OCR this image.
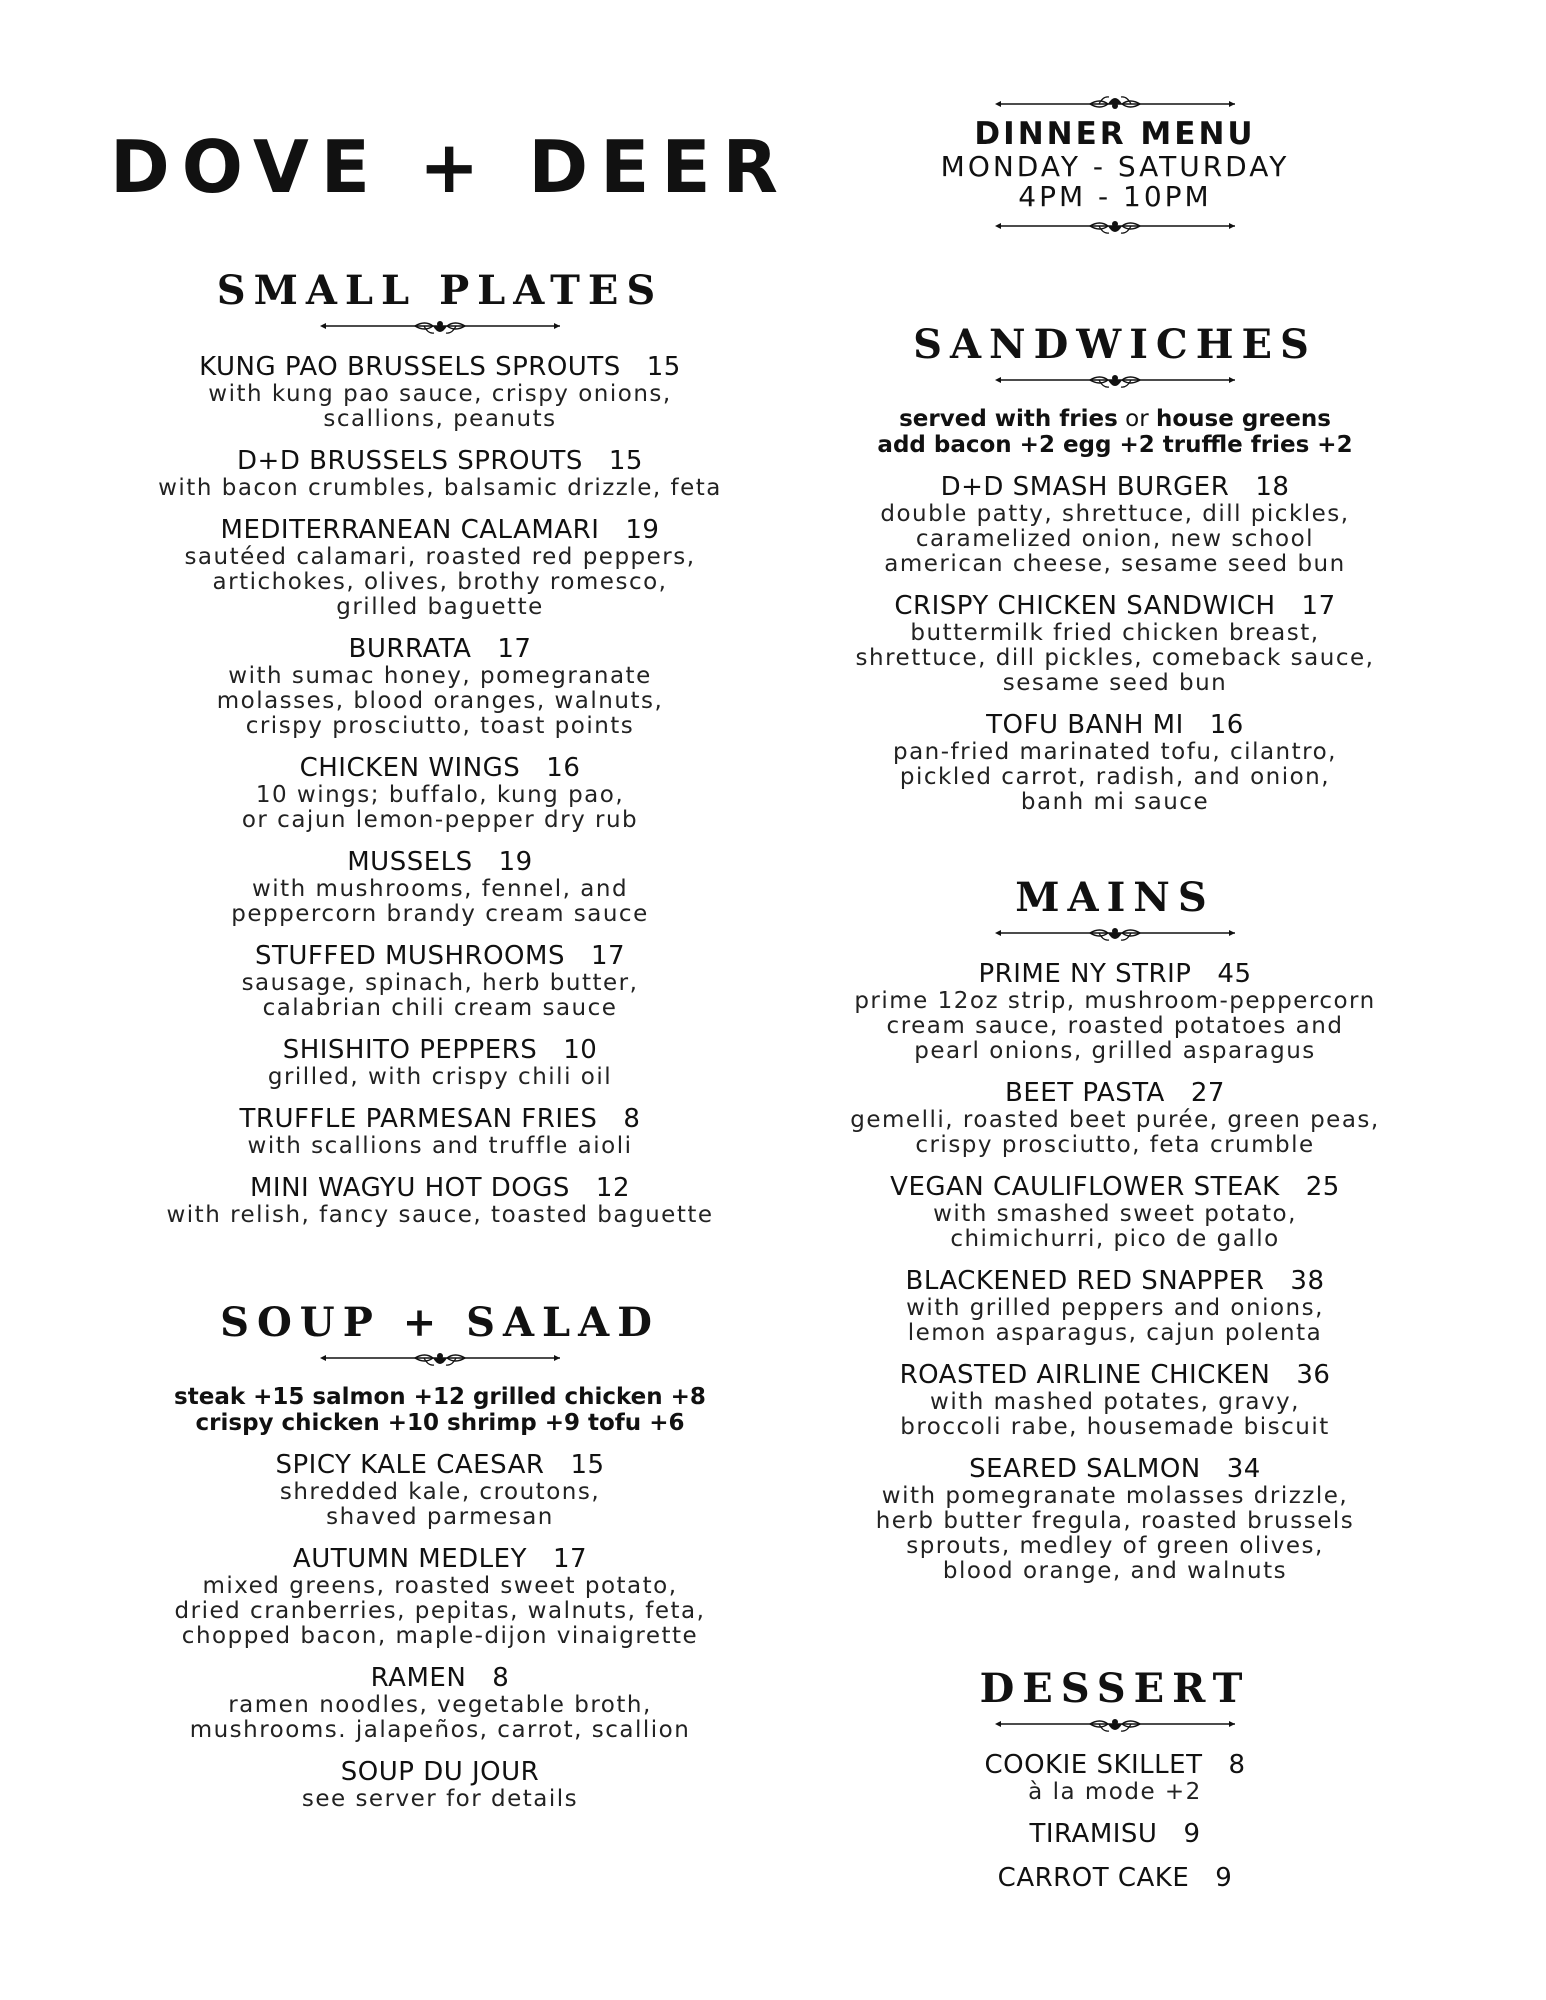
DOVE + DEER	DINNER MENU
MONDAY - SATURDAY
4PM - 10PM
SMALL PLATES
KUNG PAO BRUSSELS SPROUTS 15
with kung pao sauce, crispy onions,
scallions, peanuts
D+D BRUSSELS SPROUTS 15
with bacon crumbles, balsamic drizzle, feta
MEDITERRANEAN CALAMARI 19
sautéed calamari, roasted red peppers,
artichokes, olives, brothy romesco,
grilled baguette
BURRATA 17
with sumac honey, pomegranate
molasses, blood oranges, walnuts,
crispy prosciutto, toast points
CHICKEN WINGS 16
10 wings; buffalo, kung pao,
or cajun lemon-pepper dry rub
MUSSELS 19
with mushrooms, fennel, and
peppercorn brandy cream sauce
STUFFED MUSHROOMS 17
sausage, spinach, herb butter,
calabrian chili cream sauce
SHISHITO PEPPERS 10
grilled, with crispy chili oil
TRUFFLE PARMESAN FRIES 8
with scallions and truffle aioli
MINI WAGYU HOT DOGS 12
with relish, fancy sauce, toasted baguette
SOUP + SALAD
steak +15 salmon +12 grilled chicken +8
crispy chicken +10 shrimp +9 tofu +6
SPICY KALE CAESAR 15
shredded kale, croutons,
shaved parmesan
AUTUMN MEDLEY 17
mixed greens, roasted sweet potato,
dried cranberries, pepitas, walnuts, feta,
chopped bacon, maple-dijon vinaigrette
RAMEN 8
ramen noodles, vegetable broth,
mushrooms. jalapeños, carrot, scallion
SOUP DU JOUR
see server for details
SANDWICHES
served with fries or house greens
add bacon +2 egg +2 truffle fries +2
D+D SMASH BURGER 18
double patty, shrettuce, dill pickles,
caramelized onion, new school
american cheese, sesame seed bun
CRISPY CHICKEN SANDWICH 17
buttermilk fried chicken breast,
shrettuce, dill pickles, comeback sauce,
sesame seed bun
TOFU BANH MI 16
pan-fried marinated tofu, cilantro,
pickled carrot, radish, and onion,
banh mi sauce
MAINS
PRIME NY STRIP 45
prime 12oz strip, mushroom-peppercorn
cream sauce, roasted potatoes and
pearl onions, grilled asparagus
BEET PASTA 27
gemelli, roasted beet purée, green peas,
crispy prosciutto, feta crumble
VEGAN CAULIFLOWER STEAK 25
with smashed sweet potato,
chimichurri, pico de gallo
BLACKENED RED SNAPPER 38
with grilled peppers and onions,
lemon asparagus, cajun polenta
ROASTED AIRLINE CHICKEN 36
with mashed potates, gravy,
broccoli rabe, housemade biscuit
SEARED SALMON 34
with pomegranate molasses drizzle,
herb butter fregula, roasted brussels
sprouts, medley of green olives,
blood orange, and walnuts
DESSERT
COOKIE SKILLET 8
à la mode +2
TIRAMISU 9
CARROT CAKE 9
